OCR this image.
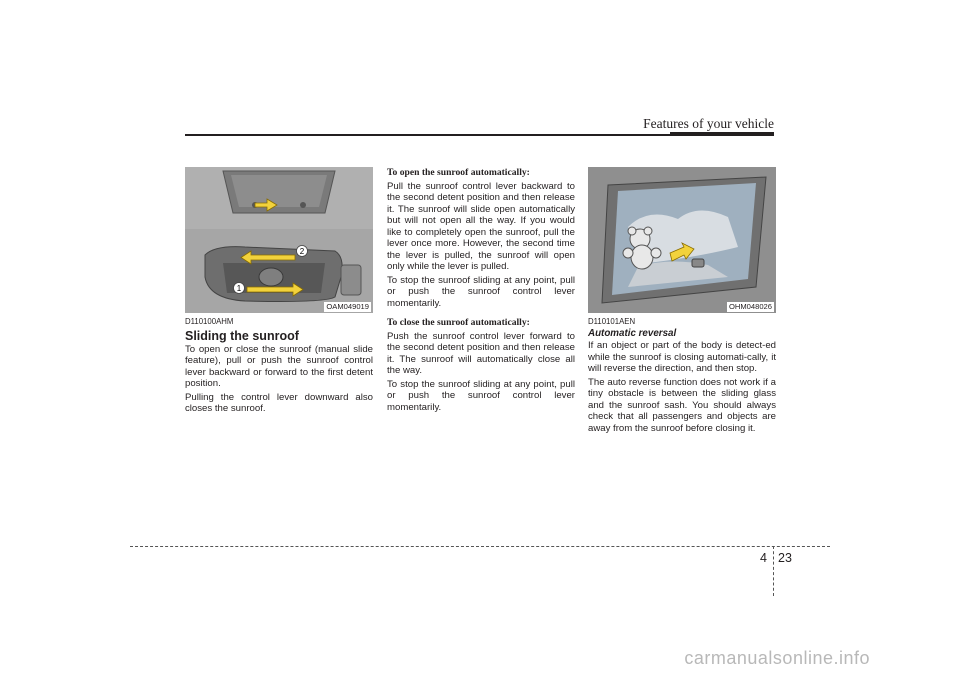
Features of your vehicle
2
1
OAM049019
D110100AHM
Sliding the sunroof

To open or close the sunroof (manual slide feature), pull or push the sunroof control lever backward or forward to the first detent position.

Pulling the control lever downward also closes the sunroof.

To open the sunroof automatically:

Pull the sunroof control lever backward to the second detent position and then release it. The sunroof will slide open automatically but will not open all the way. If you would like to completely open the sunroof, pull the lever once more. However, the second time the lever is pulled, the sunroof will open only while the lever is pulled.

To stop the sunroof sliding at any point, pull or push the sunroof control lever momentarily.

To close the sunroof automatically:

Push the sunroof control lever forward to the second detent position and then release it. The sunroof will automatically close all the way.

To stop the sunroof sliding at any point, pull or push the sunroof control lever momentarily.

OHM048026
D110101AEN
Automatic reversal

If an object or part of the body is detect-ed while the sunroof is closing automati-cally, it will reverse the direction, and then stop.

The auto reverse function does not work if a tiny obstacle is between the sliding glass and the sunroof sash. You should always check that all passengers and objects are away from the sunroof before closing it.

4 23
carmanualsonline.info
